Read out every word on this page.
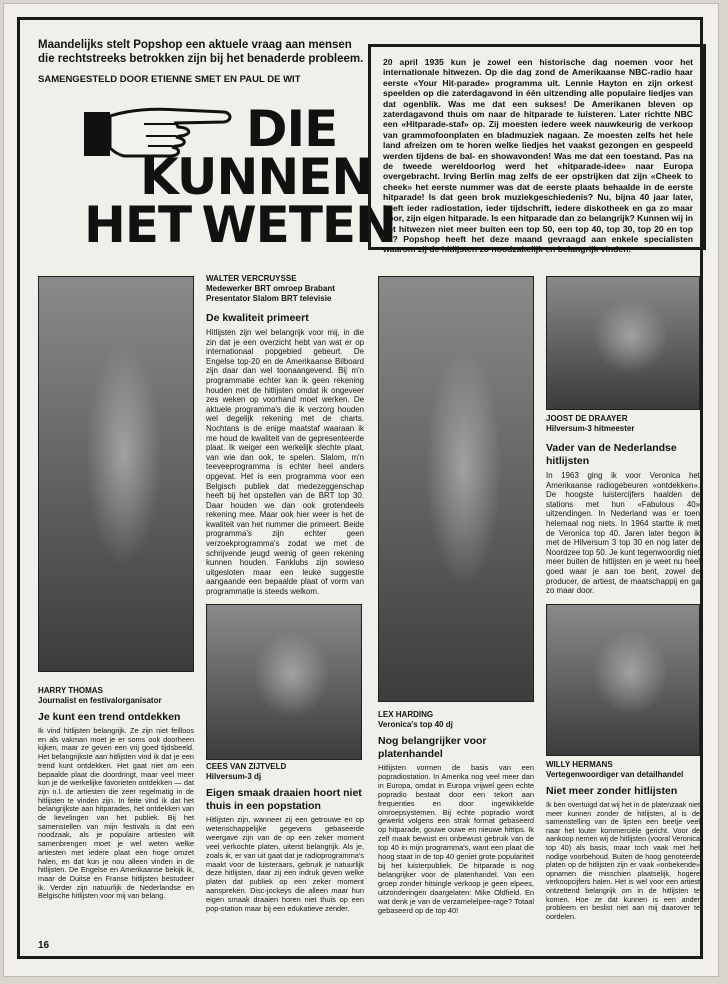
Maandelijks stelt Popshop een aktuele vraag aan mensen die rechtstreeks betrokken zijn bij het benaderde probleem.
SAMENGESTELD DOOR ETIENNE SMET EN PAUL DE WIT
DIE
KUNNEN
HET WETEN
20 april 1935 kun je zowel een historische dag noemen voor het internationale hitwezen. Op die dag zond de Amerikaanse NBC-radio haar eerste «Your Hit-parade» programma uit. Lennie Hayton en zijn orkest speelden op die zaterdagavond in één uitzending alle populaire liedjes van dat ogenblik. Was me dat een sukses! De Amerikanen bleven op zaterdagavond thuis om naar de hitparade te luisteren. Later richtte NBC een «Hitparade-staf» op. Zij moesten iedere week nauwkeurig de verkoop van grammofoonplaten en bladmuziek nagaan. Ze moesten zelfs het hele land afreizen om te horen welke liedjes het vaakst gezongen en gespeeld werden tijdens de bal- en showavonden! Was me dat een toestand. Pas na de tweede wereldoorlog werd het «hitparade-idee» naar Europa overgebracht. Irving Berlin mag zelfs de eer opstrijken dat zijn «Cheek to cheek» het eerste nummer was dat de eerste plaats behaalde in de eerste hitparade! Is dat geen brok muziekgeschiedenis? Nu, bijna 40 jaar later, heeft ieder radiostation, ieder tijdschrift, iedere diskotheek en ga zo maar door, zijn eigen hitparade. Is een hitparade dan zo belangrijk? Kunnen wij in het hitwezen niet meer buiten een top 50, een top 40, top 30, top 20 en top 10? Popshop heeft het deze maand gevraagd aan enkele specialisten waarom zij de hitlijsten zo noodzakelijk en belangrijk vinden.
WALTER VERCRUYSSE
Medewerker BRT omroep Brabant
Presentator Slalom BRT televisie
De kwaliteit primeert
Hitlijsten zijn wel belangrijk voor mij, in die zin dat je een overzicht hebt van wat er op internationaal popgebied gebeurt. De Engelse top-20 en de Amerikaanse Bilboard zijn daar dan wel toonaangevend. Bij m'n programmatie echter kan ik geen rekening houden met de hitlijsten omdat ik ongeveer zes weken op voorhand moet werken. De aktuele programma's die ik verzorg houden wel degelijk rekening met de charts. Nochtans is de enige maatstaf waaraan ik me houd de kwaliteit van de gepresenteerde plaat. Ik weiger een werkelijk slechte plaat, van wie dan ook, te spelen. Slalom, m'n teeveeprogramma is echter heel anders opgevat. Het is een programma voor een Belgisch publiek dat medezeggenschap heeft bij het opstellen van de BRT top 30. Daar houden we dan ook grotendeels rekening mee. Maar ook hier weer is het de kwaliteit van het nummer die primeert. Beide programma's zijn echter geen verzoekprogramma's zodat we met de schrijvende jeugd weinig of geen rekening kunnen houden. Fanklubs zijn sowieso uitgesloten maar een leuke suggestie aangaande een bepaalde plaat of vorm van programmatie is steeds welkom.
JOOST DE DRAAYER
Hilversum-3 hitmeester
Vader van de Nederlandse hitlijsten
In 1963 ging ik voor Veronica het Amerikaanse radiogebeuren «ontdekken». De hoogste luistercijfers haalden de stations met hun «Fabulous 40» uitzendingen. In Nederland was er toen helemaal nog niets. In 1964 startte ik met de Veronica top 40. Jaren later begon ik met de Hilversum 3 top 30 en nog later de Noordzee top 50. Je kunt tegenwoordig niet meer buiten de hitlijsten en je weet nu heel goed waar je aan toe bent, zowel de producer, de artiest, de maatschappij en ga zo maar door.
HARRY THOMAS
Journalist en festivalorganisator
Je kunt een trend ontdekken
Ik vind hitlijsten belangrijk. Ze zijn niet feilloos en als vakman moet je er soms ook doorheen kijken, maar ze geven een vrij goed tijdsbeeld. Het belangrijkste aan hitlijsten vind ik dat je een trend kunt ontdekken. Het gaat niet om een bepaalde plaat die doordringt, maar veel meer kun je de werkelijke favorieten ontdekken — dat zijn n.l. de artiesten die zeer regelmatig in de hitlijsten te vinden zijn. In feite vind ik dat het belangrijkste aan hitparades, het ontdekken van de lievelingen van het publiek. Bij het samenstellen van mijn festivals is dat een noodzaak, als je populaire artiesten wilt samenbrengen moet je wel weten welke artiesten met iedere plaat een hoge omzet halen, en dat kun je nou alleen vinden in de hitlijsten. De Engelse en Amerikaanse bekijk ik, maar de Duitse en Franse hitlijsten bestudeer ik. Verder zijn natuurlijk de Nederlandse en Belgische hitlijsten voor mij van belang.
CEES VAN ZIJTVELD
Hilversum-3 dj
Eigen smaak draaien hoort niet thuis in een popstation
Hitlijsten zijn, wanneer zij een getrouwe en op wetenschappelijke gegevens gebaseerde weergave zijn van de op een zeker moment veel verkochte platen, uiterst belangrijk. Als je, zoals ik, er van uit gaat dat je radioprogramma's maakt voor de luisteraars, gebruik je natuurlijk deze hitlijsten, daar zij een indruk geven welke platen dat publiek op een zeker moment aanspreken. Disc-jockeys die alleen maar hun eigen smaak draaien horen niet thuis op een pop-station maar bij een edukatieve zender.
LEX HARDING
Veronica's top 40 dj
Nog belangrijker voor platenhandel
Hitlijsten vormen de basis van een popradiostation. In Amerika nog veel meer dan in Europa, omdat in Europa vrijwel geen echte popradio bestaat door een tekort aan frequenties en door ingewikkelde omroepsystemen. Bij echte popradio wordt gewerkt volgens een strak format gebaseerd op hitparade, gouwe ouwe en nieuwe hittips. Ik zelf maak bewust en onbewust gebruik van de top 40 in mijn programma's, want een plaat die hoog staat in de top 40 geniet grote populariteit bij het luisterpubliek. De hitparade is nog belangrijker voor de platenhandel. Van een groep zonder hitsingle verkoop je geen elpees, uitzonderingen daargelaten: Mike Oldfield. En wat denk je van de verzamelelpee-rage? Totaal gebaseerd op de top 40!
WILLY HERMANS
Vertegenwoordiger van detailhandel
Niet meer zonder hitlijsten
Ik ben overtuigd dat wij het in de platenzaak niet meer kunnen zonder de hitlijsten, al is de samenstelling van de lijsten een beetje veel naar het louter kommerciële gericht. Voor de aankoop nemen wij de hitlijsten (vooral Veronica top 40) als basis, maar toch vaak met het nodige voorbehoud. Buiten de hoog genoteerde platen op de hitlijsten zijn er vaak «onbekende» opnamen die misschien plaatselijk, hogere verkoopcijfers halen. Het is wel voor een artiest ontzettend belangrijk om in de hitlijsten te komen. Hoe ze dat kunnen is een ander probleem en beslist niet aan mij daarover te oordelen.
16
